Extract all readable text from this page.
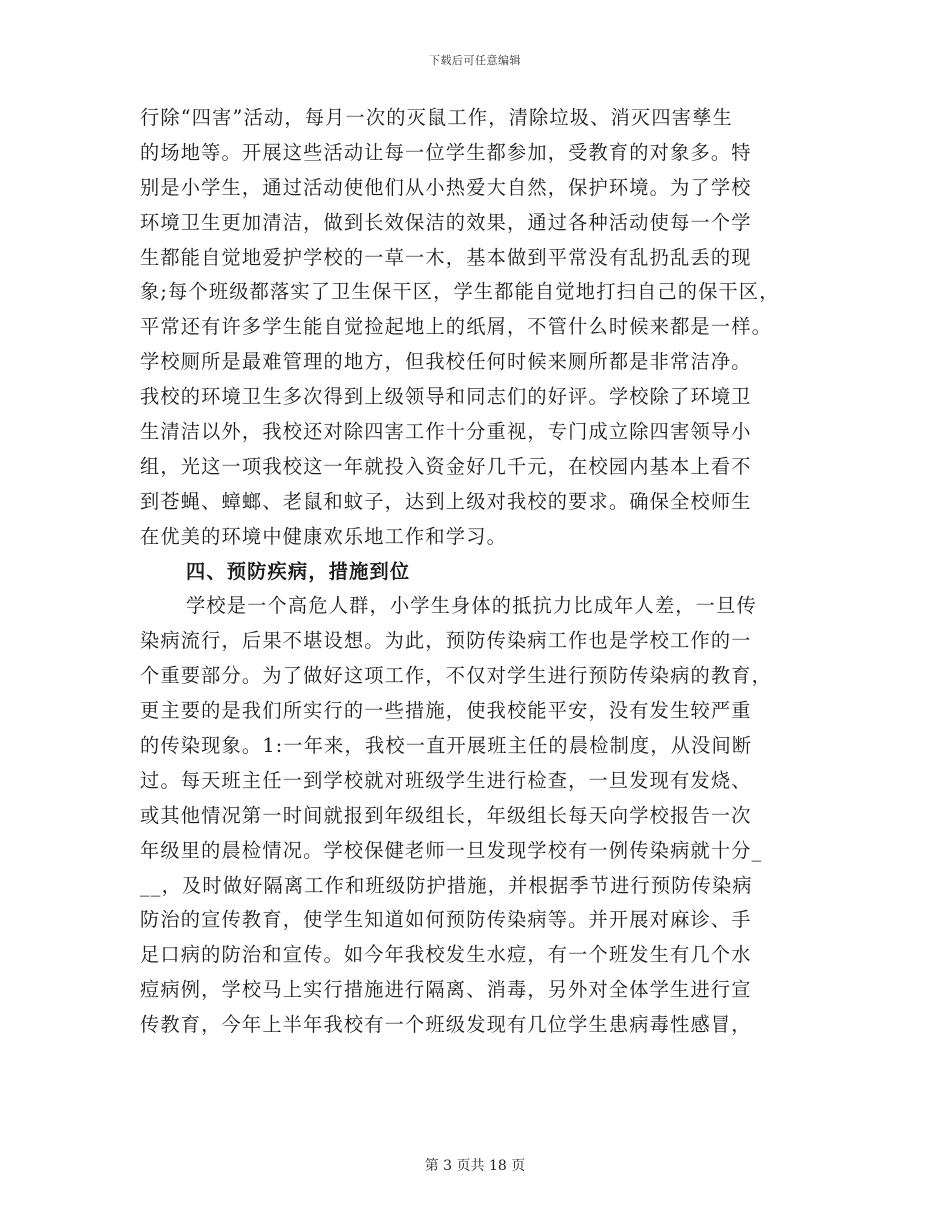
下载后可任意编辑
行除“四害”活动，每月一次的灭鼠工作，清除垃圾、消灭四害孳生
的场地等。开展这些活动让每一位学生都参加，受教育的对象多。特
别是小学生，通过活动使他们从小热爱大自然，保护环境。为了学校
环境卫生更加清洁，做到长效保洁的效果，通过各种活动使每一个学
生都能自觉地爱护学校的一草一木，基本做到平常没有乱扔乱丢的现
象;每个班级都落实了卫生保干区，学生都能自觉地打扫自己的保干区，
平常还有许多学生能自觉捡起地上的纸屑，不管什么时候来都是一样。
学校厕所是最难管理的地方，但我校任何时候来厕所都是非常洁净。
我校的环境卫生多次得到上级领导和同志们的好评。学校除了环境卫
生清洁以外，我校还对除四害工作十分重视，专门成立除四害领导小
组，光这一项我校这一年就投入资金好几千元，在校园内基本上看不
到苍蝇、蟑螂、老鼠和蚊子，达到上级对我校的要求。确保全校师生
在优美的环境中健康欢乐地工作和学习。
四、预防疾病，措施到位
学校是一个高危人群，小学生身体的抵抗力比成年人差，一旦传
染病流行，后果不堪设想。为此，预防传染病工作也是学校工作的一
个重要部分。为了做好这项工作，不仅对学生进行预防传染病的教育，
更主要的是我们所实行的一些措施，使我校能平安，没有发生较严重
的传染现象。1:一年来，我校一直开展班主任的晨检制度，从没间断
过。每天班主任一到学校就对班级学生进行检查，一旦发现有发烧、
或其他情况第一时间就报到年级组长，年级组长每天向学校报告一次
年级里的晨检情况。学校保健老师一旦发现学校有一例传染病就十分_
__，及时做好隔离工作和班级防护措施，并根据季节进行预防传染病
防治的宣传教育，使学生知道如何预防传染病等。并开展对麻诊、手
足口病的防治和宣传。如今年我校发生水痘，有一个班发生有几个水
痘病例，学校马上实行措施进行隔离、消毒，另外对全体学生进行宣
传教育，今年上半年我校有一个班级发现有几位学生患病毒性感冒，
第 3 页共 18 页
